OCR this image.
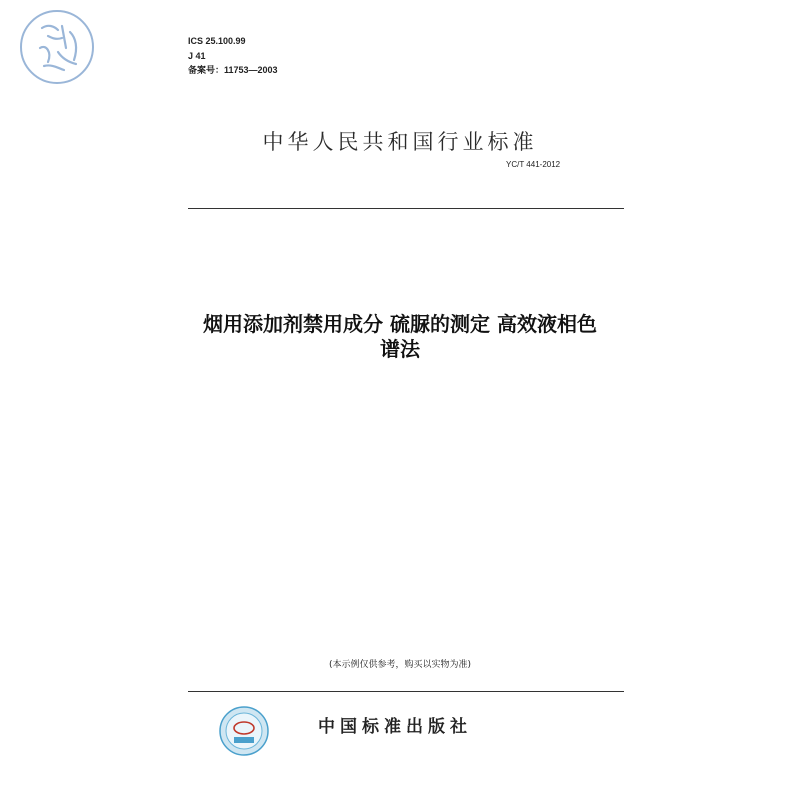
ICS 25.100.99
J 41
备案号：11753—2003
中华人民共和国行业标准
YC/T 441-2012
烟用添加剂禁用成分 硫脲的测定 高效液相色
谱法
(本示例仅供参考，购买以实物为准)
中国标准出版社
